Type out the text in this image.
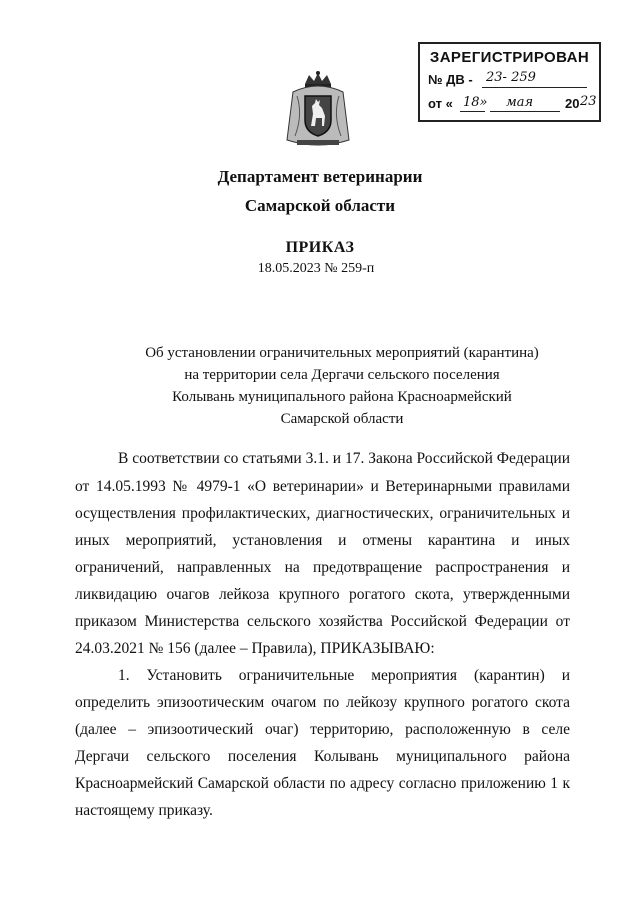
ЗАРЕГИСТРИРОВАН
№ ДВ - 23- 259
от « 18» мая 20 23
Департамент ветеринарии
Самарской области
ПРИКАЗ
18.05.2023 № 259-п
Об установлении ограничительных мероприятий (карантина)
на территории села Дергачи сельского поселения
Колывань муниципального района Красноармейский
Самарской области
В соответствии со статьями 3.1. и 17. Закона Российской Федерации
от 14.05.1993 № 4979-1 «О ветеринарии» и Ветеринарными правилами
осуществления профилактических, диагностических, ограничительных и
иных мероприятий, установления и отмены карантина и иных
ограничений, направленных на предотвращение распространения и
ликвидацию очагов лейкоза крупного рогатого скота, утвержденными
приказом Министерства сельского хозяйства Российской Федерации от
24.03.2021 № 156 (далее – Правила), ПРИКАЗЫВАЮ:
1. Установить ограничительные мероприятия (карантин) и
определить эпизоотическим очагом по лейкозу крупного рогатого скота
(далее – эпизоотический очаг) территорию, расположенную в селе
Дергачи сельского поселения Колывань муниципального района
Красноармейский Самарской области по адресу согласно приложению 1 к
настоящему приказу.
